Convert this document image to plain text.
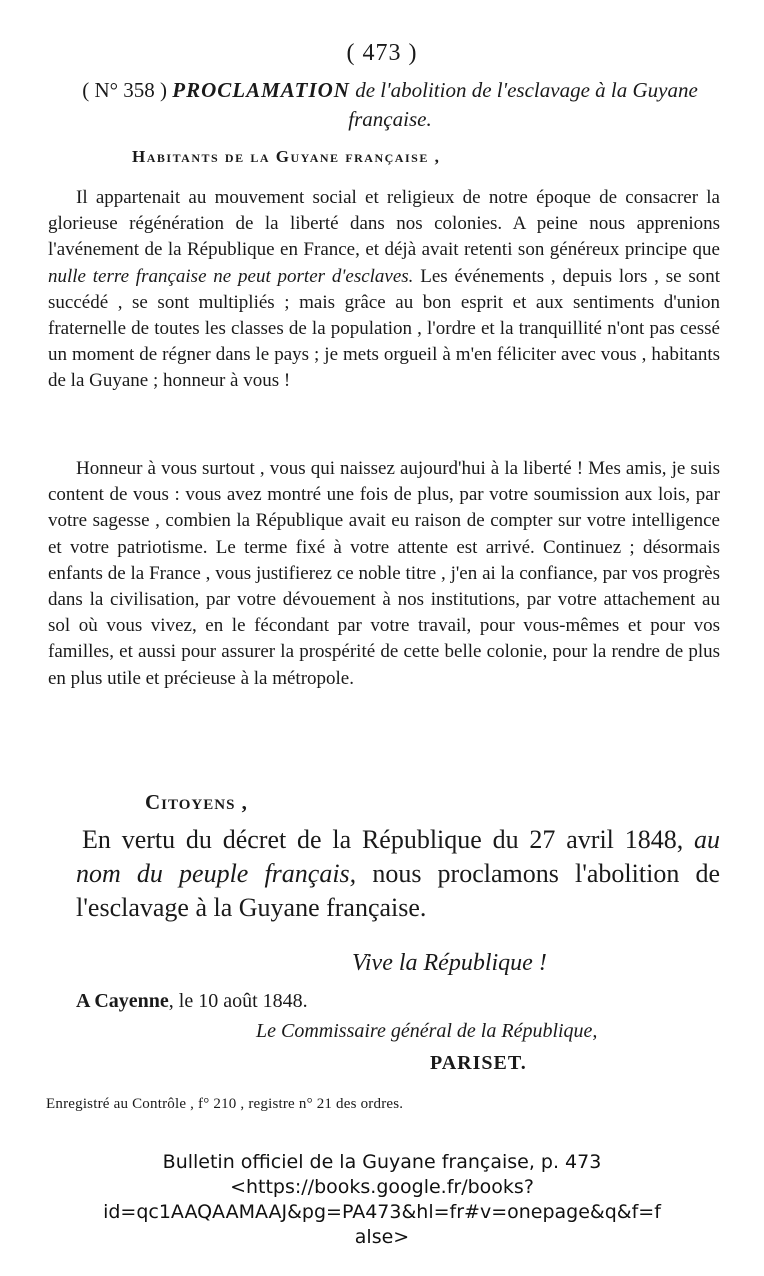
( 473 )
( N° 358 ) PROCLAMATION de l'abolition de l'esclavage à la Guyane française.
Habitants de la Guyane française ,
Il appartenait au mouvement social et religieux de notre époque de consacrer la glorieuse régénération de la liberté dans nos colonies. A peine nous apprenions l'avénement de la République en France, et déjà avait retenti son généreux principe que nulle terre française ne peut porter d'esclaves. Les événements , depuis lors , se sont succédé , se sont multipliés ; mais grâce au bon esprit et aux sentiments d'union fraternelle de toutes les classes de la population , l'ordre et la tranquillité n'ont pas cessé un moment de régner dans le pays ; je mets orgueil à m'en féliciter avec vous , habitants de la Guyane ; honneur à vous !
Honneur à vous surtout , vous qui naissez aujourd'hui à la liberté ! Mes amis, je suis content de vous : vous avez montré une fois de plus, par votre soumission aux lois, par votre sagesse , combien la République avait eu raison de compter sur votre intelligence et votre patriotisme. Le terme fixé à votre attente est arrivé. Continuez ; désormais enfants de la France , vous justifierez ce noble titre , j'en ai la confiance, par vos progrès dans la civilisation, par votre dévouement à nos institutions, par votre attachement au sol où vous vivez, en le fécondant par votre travail, pour vous-mêmes et pour vos familles, et aussi pour assurer la prospérité de cette belle colonie, pour la rendre de plus en plus utile et précieuse à la métropole.
Citoyens ,
En vertu du décret de la République du 27 avril 1848, au nom du peuple français, nous proclamons l'abolition de l'esclavage à la Guyane française.
Vive la République !
A Cayenne, le 10 août 1848.
Le Commissaire général de la République,
PARISET.
Enregistré au Contrôle , f° 210 , registre n° 21 des ordres.
Bulletin officiel de la Guyane française, p. 473
<https://books.google.fr/books?
id=qc1AAQAAMAAJ&pg=PA473&hl=fr#v=onepage&q&f=f
alse>
